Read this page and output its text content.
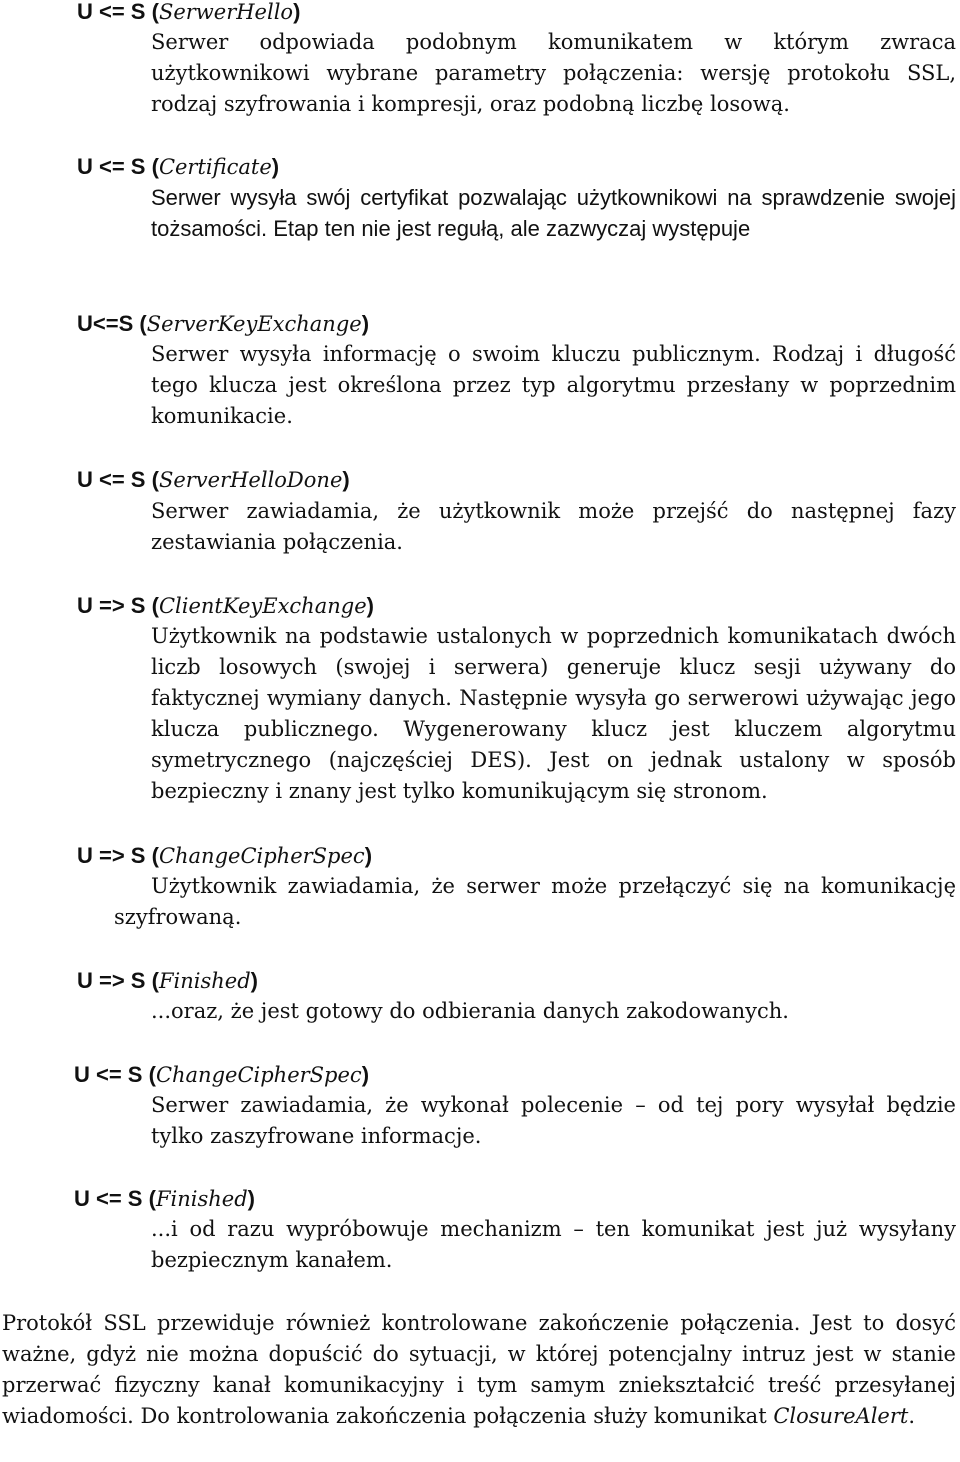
U <= S (SerwerHello)
Serwer odpowiada podobnym komunikatem w którym zwraca użytkownikowi wybrane parametry połączenia: wersję protokołu SSL, rodzaj szyfrowania i kompresji, oraz podobną liczbę losową.
U <= S (Certificate)
Serwer wysyła swój certyfikat pozwalając użytkownikowi na sprawdzenie swojej tożsamości. Etap ten nie jest regułą, ale zazwyczaj występuje
U<=S (ServerKeyExchange)
Serwer wysyła informację o swoim kluczu publicznym. Rodzaj i długość tego klucza jest określona przez typ algorytmu przesłany w poprzednim komunikacie.
U <= S (ServerHelloDone)
Serwer zawiadamia, że użytkownik może przejść do następnej fazy zestawiania połączenia.
U => S (ClientKeyExchange)
Użytkownik na podstawie ustalonych w poprzednich komunikatach dwóch liczb losowych (swojej i serwera) generuje klucz sesji używany do faktycznej wymiany danych. Następnie wysyła go serwerowi używając jego klucza publicznego. Wygenerowany klucz jest kluczem algorytmu symetrycznego (najczęściej DES). Jest on jednak ustalony w sposób bezpieczny i znany jest tylko komunikującym się stronom.
U => S (ChangeCipherSpec)
Użytkownik zawiadamia, że serwer może przełączyć się na komunikację szyfrowaną.
U => S (Finished)
...oraz, że jest gotowy do odbierania danych zakodowanych.
U <= S (ChangeCipherSpec)
Serwer zawiadamia, że wykonał polecenie – od tej pory wysyłał będzie tylko zaszyfrowane informacje.
U <= S (Finished)
...i od razu wypróbowuje mechanizm – ten komunikat jest już wysyłany bezpiecznym kanałem.
Protokół SSL przewiduje również kontrolowane zakończenie połączenia. Jest to dosyć ważne, gdyż nie można dopuścić do sytuacji, w której potencjalny intruz jest w stanie przerwać fizyczny kanał komunikacyjny i tym samym zniekształcić treść przesyłanej wiadomości. Do kontrolowania zakończenia połączenia służy komunikat ClosureAlert.
